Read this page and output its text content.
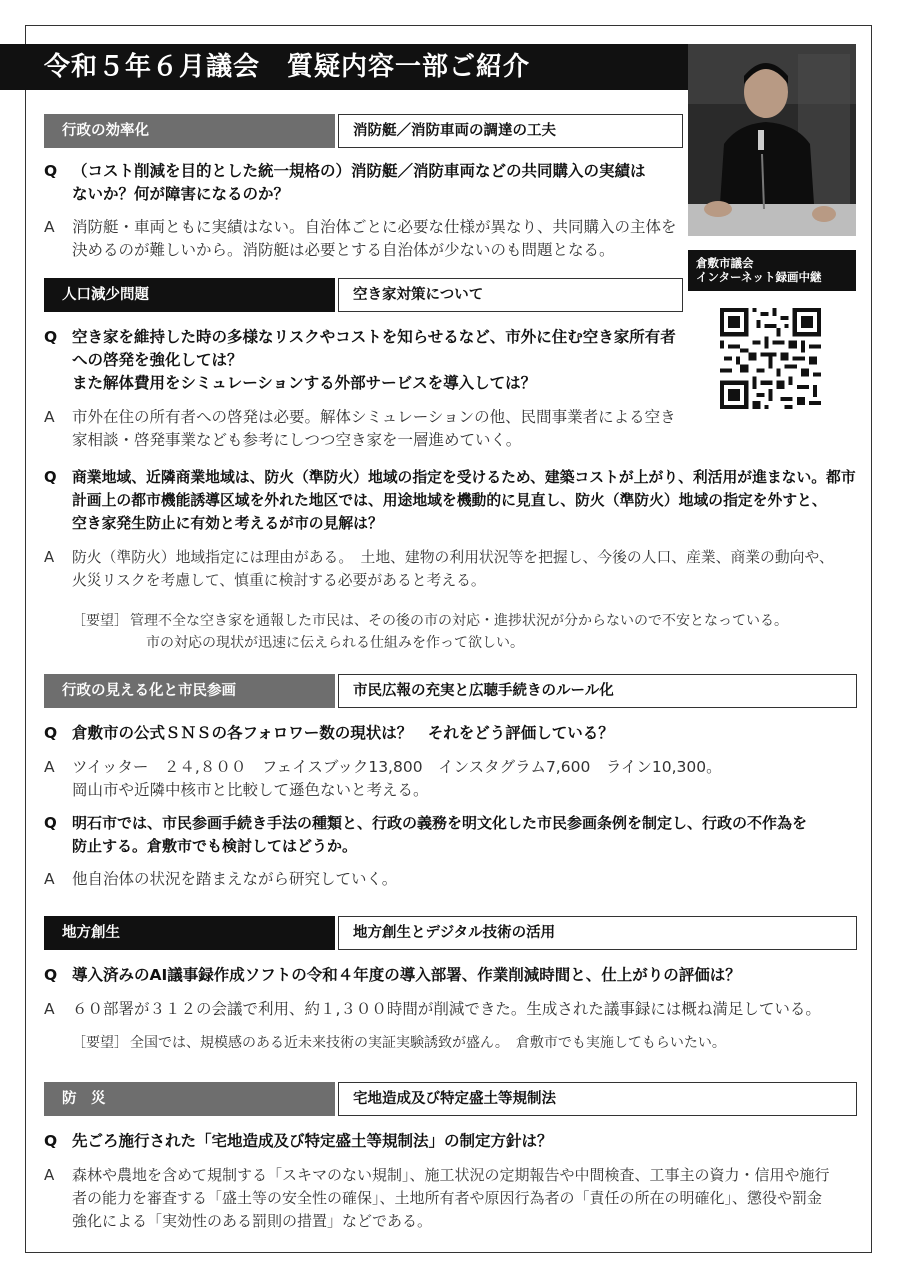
令和５年６月議会　質疑内容一部ご紹介
倉敷市議会
インターネット録画中継
行政の効率化	消防艇／消防車両の調達の工夫
Q （コスト削減を目的とした統一規格の）消防艇／消防車両などの共同購入の実績は
ないか？何が障害になるのか？
A	消防艇・車両ともに実績はない。自治体ごとに必要な仕様が異なり、共同購入の主体を
決めるのが難しいから。消防艇は必要とする自治体が少ないのも問題となる。
人口減少問題	空き家対策について
Q 空き家を維持した時の多様なリスクやコストを知らせるなど、市外に住む空き家所有者
への啓発を強化しては？
また解体費用をシミュレーションする外部サービスを導入しては？
A	市外在住の所有者への啓発は必要。解体シミュレーションの他、民間事業者による空き
家相談・啓発事業なども参考にしつつ空き家を一層進めていく。
Q	商業地域、近隣商業地域は、防火（準防火）地域の指定を受けるため、建築コストが上がり、利活用が進まない。都市
計画上の都市機能誘導区域を外れた地区では、用途地域を機動的に見直し、防火（準防火）地域の指定を外すと、
空き家発生防止に有効と考えるが市の見解は？
A	防火（準防火）地域指定には理由がある。　土地、建物の利用状況等を把握し、今後の人口、産業、商業の動向や、
火災リスクを考慮して、慎重に検討する必要があると考える。
［要望］ 管理不全な空き家を通報した市民は、その後の市の対応・進捗状況が分からないので不安となっている。
市の対応の現状が迅速に伝えられる仕組みを作って欲しい。
行政の見える化と市民参画	市民広報の充実と広聴手続きのルール化
Q 倉敷市の公式ＳＮＳの各フォロワー数の現状は？　それをどう評価している？
A	ツイッター　２４,８００　フェイスブック13,800　インスタグラム7,600　ライン10,300。
岡山市や近隣中核市と比較して遜色ないと考える。
Q	明石市では、市民参画手続き手法の種類と、行政の義務を明文化した市民参画条例を制定し、行政の不作為を
防止する。倉敷市でも検討してはどうか。
A	他自治体の状況を踏まえながら研究していく。
地方創生	地方創生とデジタル技術の活用
Q 導入済みのAI議事録作成ソフトの令和４年度の導入部署、作業削減時間と、仕上がりの評価は？
A	６０部署が３１２の会議で利用、約１,３００時間が削減できた。生成された議事録には概ね満足している。
［要望］ 全国では、規模感のある近未来技術の実証実験誘致が盛ん。　倉敷市でも実施してもらいたい。
防　災	宅地造成及び特定盛土等規制法
Q 先ごろ施行された「宅地造成及び特定盛土等規制法」の制定方針は？
A	森林や農地を含めて規制する「スキマのない規制」、施工状況の定期報告や中間検査、工事主の資力・信用や施行
者の能力を審査する「盛土等の安全性の確保」、土地所有者や原因行為者の「責任の所在の明確化」、懲役や罰金
強化による「実効性のある罰則の措置」などである。
